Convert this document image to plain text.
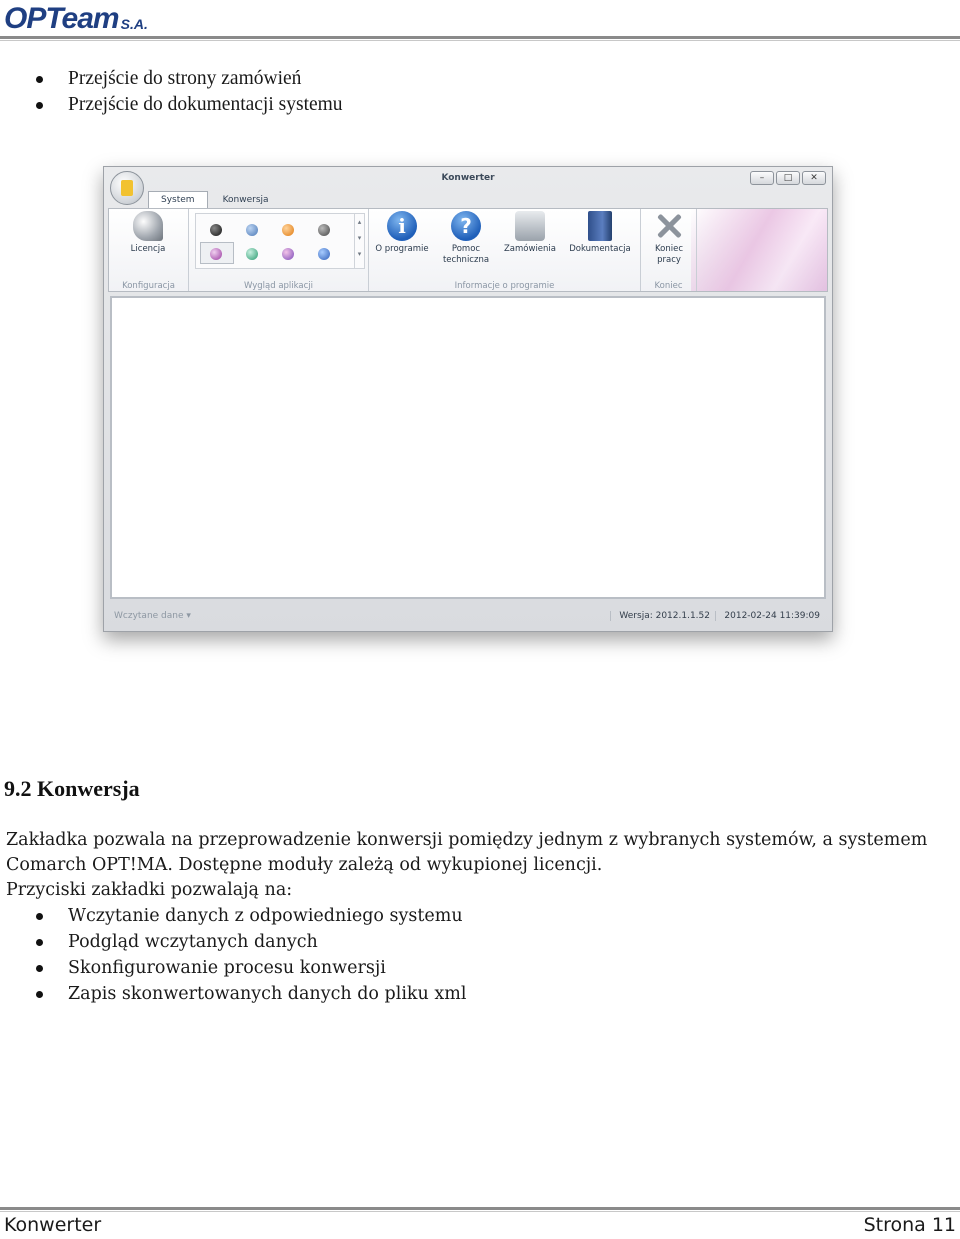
OPTeam S.A.
Przejście do strony zamówień
Przejście do dokumentacji systemu
Konwerter	–	□	✕
System	Konwersja
Licencja
Konfiguracja
▴
▾
▾
Wygląd aplikacji
i
O programie
?
Pomoc
techniczna
Zamówienia	Dokumentacja
Informacje o programie
Koniec
pracy
Koniec
Wczytane dane ▾	Wersja: 2012.1.1.52	2012-02-24 11:39:09
9.2 Konwersja
Zakładka pozwala na przeprowadzenie konwersji pomiędzy jednym z wybranych systemów, a systemem
Comarch OPT!MA. Dostępne moduły zależą od wykupionej licencji.
Przyciski zakładki pozwalają na:
Wczytanie danych z odpowiedniego systemu
Podgląd wczytanych danych
Skonfigurowanie procesu konwersji
Zapis skonwertowanych danych do pliku xml
Konwerter	Strona 11
